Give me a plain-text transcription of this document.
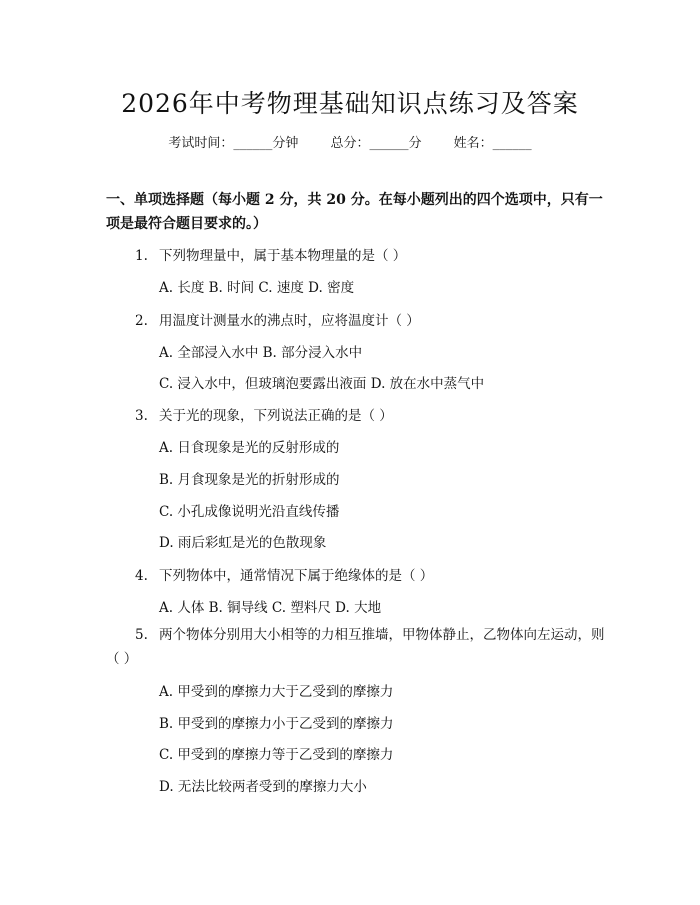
2026年中考物理基础知识点练习及答案
考试时间：______分钟 总分：______分 姓名：______
一、单项选择题（每小题 2 分，共 20 分。在每小题列出的四个选项中，只有一项是最符合题目要求的。）
1. 下列物理量中，属于基本物理量的是（ ）
A. 长度 B. 时间 C. 速度 D. 密度
2. 用温度计测量水的沸点时，应将温度计（ ）
A. 全部浸入水中 B. 部分浸入水中
C. 浸入水中，但玻璃泡要露出液面 D. 放在水中蒸气中
3. 关于光的现象，下列说法正确的是（ ）
A. 日食现象是光的反射形成的
B. 月食现象是光的折射形成的
C. 小孔成像说明光沿直线传播
D. 雨后彩虹是光的色散现象
4. 下列物体中，通常情况下属于绝缘体的是（ ）
A. 人体 B. 铜导线 C. 塑料尺 D. 大地
5. 两个物体分别用大小相等的力相互推墙，甲物体静止，乙物体向左运动，则（ ）
A. 甲受到的摩擦力大于乙受到的摩擦力
B. 甲受到的摩擦力小于乙受到的摩擦力
C. 甲受到的摩擦力等于乙受到的摩擦力
D. 无法比较两者受到的摩擦力大小
